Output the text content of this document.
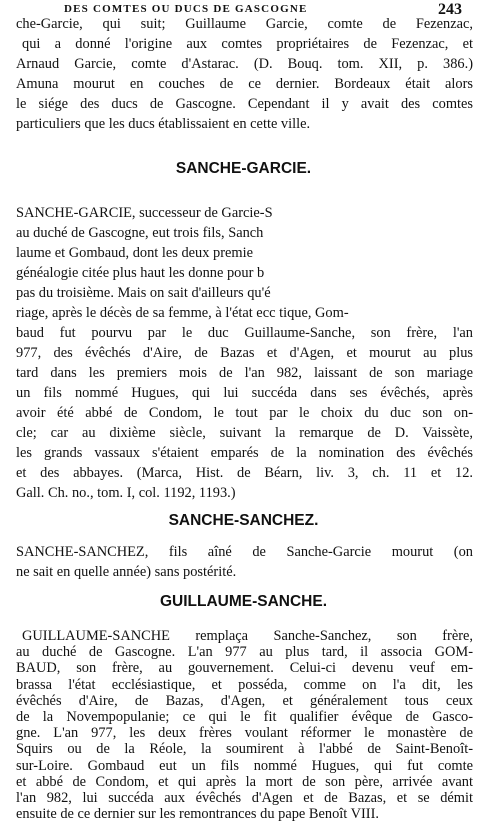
DES COMTES OU DUCS DE GASCOGNE	243
che-Garcie, qui suit; Guillaume Garcie, comte de Fezenzac,
qui a donné l'origine aux comtes propriétaires de Fezenzac, et
Arnaud Garcie, comte d'Astarac. (D. Bouq. tom. XII, p. 386.)
Amuna mourut en couches de ce dernier. Bordeaux était alors
le siége des ducs de Gascogne. Cependant il y avait des comtes
particuliers que les ducs établissaient en cette ville.
SANCHE-GARCIE.
SANCHE-GARCIE, successeur de Garcie-S
au duché de Gascogne, eut trois fils, Sanch
laume et Gombaud, dont les deux premie
généalogie citée plus haut les donne pour b
pas du troisième. Mais on sait d'ailleurs qu'é
riage, après le décès de sa femme, à l'état ecc tique, Gom-
baud fut pourvu par le duc Guillaume-Sanche, son frère, l'an
977, des évêchés d'Aire, de Bazas et d'Agen, et mourut au plus
tard dans les premiers mois de l'an 982, laissant de son mariage
un fils nommé Hugues, qui lui succéda dans ses évêchés, après
avoir été abbé de Condom, le tout par le choix du duc son on-
cle; car au dixième siècle, suivant la remarque de D. Vaissète,
les grands vassaux s'étaient emparés de la nomination des évêchés
et des abbayes. (Marca, Hist. de Béarn, liv. 3, ch. 11 et 12.
Gall. Ch. no., tom. I, col. 1192, 1193.)
SANCHE-SANCHEZ.
SANCHE-SANCHEZ, fils aîné de Sanche-Garcie mourut (on
ne sait en quelle année) sans postérité.
GUILLAUME-SANCHE.
GUILLAUME-SANCHE remplaça Sanche-Sanchez, son frère,
au duché de Gascogne. L'an 977 au plus tard, il associa GOM-
BAUD, son frère, au gouvernement. Celui-ci devenu veuf em-
brassa l'état ecclésiastique, et posséda, comme on l'a dit, les
évêchés d'Aire, de Bazas, d'Agen, et généralement tous ceux
de la Novempopulanie; ce qui le fit qualifier évêque de Gasco-
gne. L'an 977, les deux frères voulant réformer le monastère de
Squirs ou de la Réole, la soumirent à l'abbé de Saint-Benoît-
sur-Loire. Gombaud eut un fils nommé Hugues, qui fut comte
et abbé de Condom, et qui après la mort de son père, arrivée avant
l'an 982, lui succéda aux évêchés d'Agen et de Bazas, et se démit
ensuite de ce dernier sur les remontrances du pape Benoît VIII.
